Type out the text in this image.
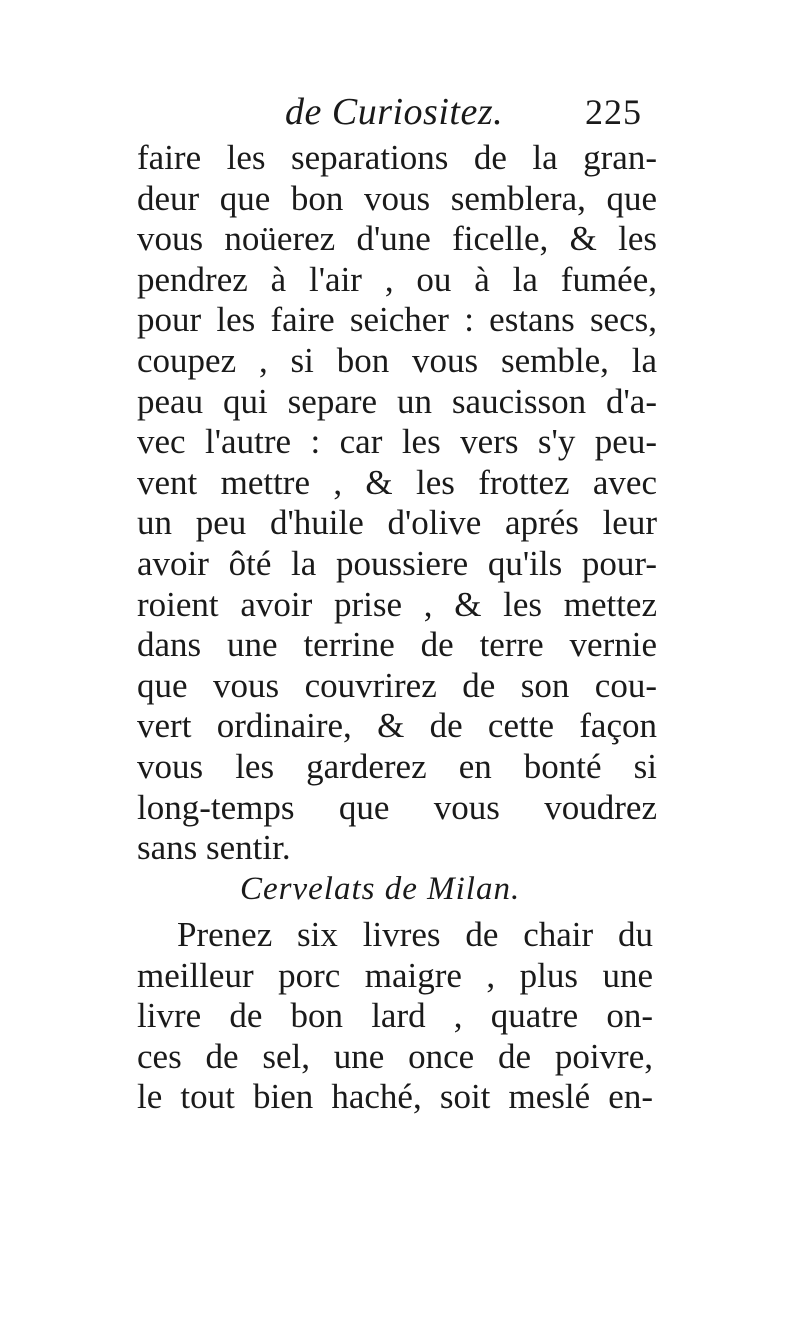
de Curiositez. 225
faire les separations de la gran-
deur que bon vous semblera, que
vous noüerez d'une ficelle, & les
pendrez à l'air , ou à la fumée,
pour les faire seicher : estans secs,
coupez , si bon vous semble, la
peau qui separe un saucisson d'a-
vec l'autre : car les vers s'y peu-
vent mettre , & les frottez avec
un peu d'huile d'olive aprés leur
avoir ôté la poussiere qu'ils pour-
roient avoir prise , & les mettez
dans une terrine de terre vernie
que vous couvrirez de son cou-
vert ordinaire, & de cette façon
vous les garderez en bonté si
long-temps que vous voudrez
sans sentir.
Cervelats de Milan.
Prenez six livres de chair du
meilleur porc maigre , plus une
livre de bon lard , quatre on-
ces de sel, une once de poivre,
le tout bien haché, soit meslé en-
